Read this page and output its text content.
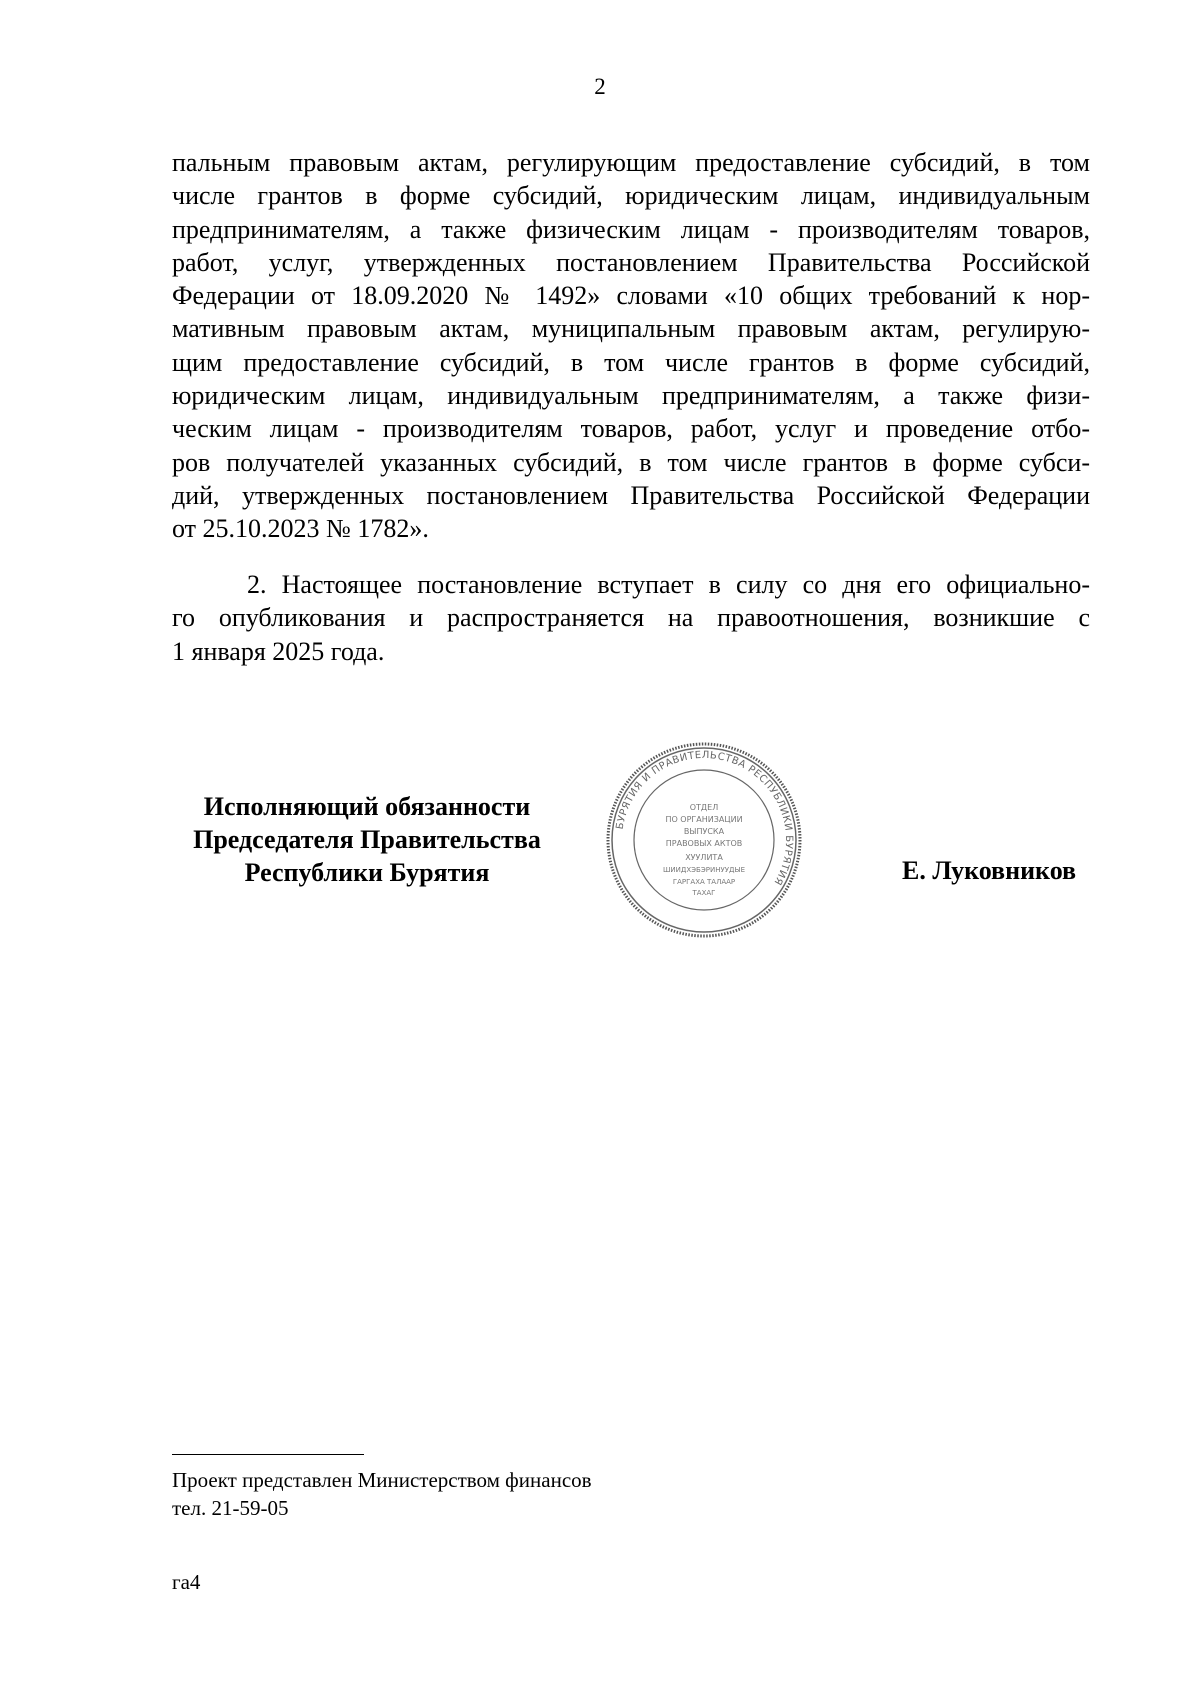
2

пальным правовым актам, регулирующим предоставление субсидий, в том

числе грантов в форме субсидий, юридическим лицам, индивидуальным

предпринимателям, а также физическим лицам - производителям товаров,

работ, услуг, утвержденных постановлением Правительства Российской

Федерации от 18.09.2020 № 1492» словами «10 общих требований к нор-

мативным правовым актам, муниципальным правовым актам, регулирую-

щим предоставление субсидий, в том числе грантов в форме субсидий,

юридическим лицам, индивидуальным предпринимателям, а также физи-

ческим лицам - производителям товаров, работ, услуг и проведение отбо-

ров получателей указанных субсидий, в том числе грантов в форме субси-

дий, утвержденных постановлением Правительства Российской Федерации

от 25.10.2023 № 1782».

2. Настоящее постановление вступает в силу со дня его официально-

го опубликования и распространяется на правоотношения, возникшие с

1 января 2025 года.

Исполняющий обязанности
Председателя Правительства
Республики Бурятия
БУРЯТИЯ И ПРАВИТЕЛЬСТВА РЕСПУБЛИКИ БУРЯТИЯ
ОТДЕЛ
ПО ОРГАНИЗАЦИИ
ВЫПУСКА
ПРАВОВЫХ АКТОВ
ХУУЛИТА
ШИИДХЭБЭРИНУУДЫЕ
ГАРГАХА ТАЛААР
ТАХАГ
Е. Луковников
Проект представлен Министерством финансов
тел. 21-59-05
га4
